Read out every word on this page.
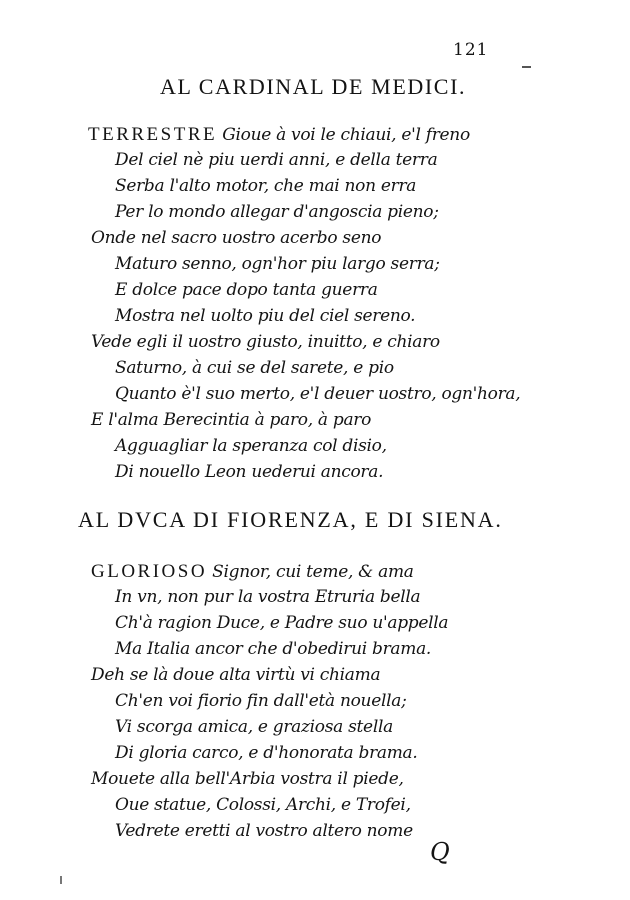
121
AL CARDINAL DE MEDICI.
TERRESTRE Gioue à voi le chiaui, e'l freno
Del ciel nè piu uerdi anni, e della terra
Serba l'alto motor, che mai non erra
Per lo mondo allegar d'angoscia pieno;
Onde nel sacro uostro acerbo seno
Maturo senno, ogn'hor piu largo serra;
E dolce pace dopo tanta guerra
Mostra nel uolto piu del ciel sereno.
Vede egli il uostro giusto, inuitto, e chiaro
Saturno, à cui se del sarete, e pio
Quanto è'l suo merto, e'l deuer uostro, ogn'hora,
E l'alma Berecintia à paro, à paro
Agguagliar la speranza col disio,
Di nouello Leon uederui ancora.
AL DVCA DI FIORENZA, E DI SIENA.
GLORIOSO Signor, cui teme, & ama
In vn, non pur la vostra Etruria bella
Ch'à ragion Duce, e Padre suo u'appella
Ma Italia ancor che d'obedirui brama.
Deh se là doue alta virtù vi chiama
Ch'en voi fiorio fin dall'età nouella;
Vi scorga amica, e graziosa stella
Di gloria carco, e d'honorata brama.
Mouete alla bell'Arbia vostra il piede,
Oue statue, Colossi, Archi, e Trofei,
Vedrete eretti al vostro altero nome
Q
